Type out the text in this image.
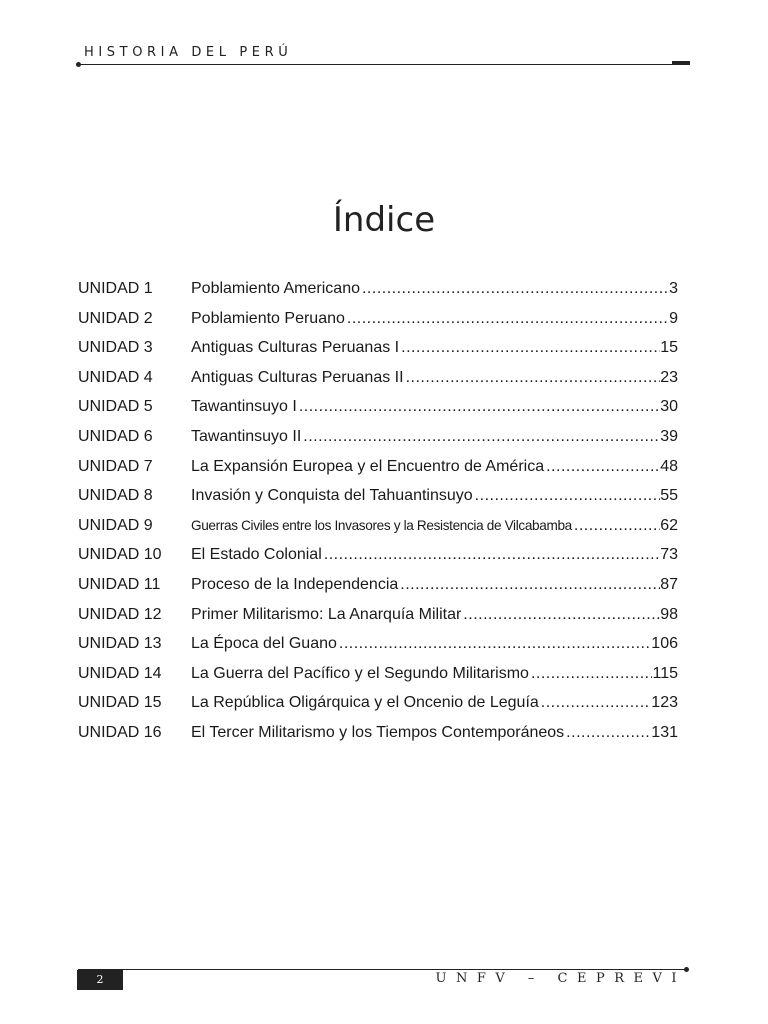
HISTORIA DEL PERÚ
Índice
UNIDAD 1	Poblamiento Americano .....	3
UNIDAD 2	Poblamiento Peruano .....	9
UNIDAD 3	Antiguas Culturas Peruanas I .....	15
UNIDAD 4	Antiguas Culturas Peruanas II .....	23
UNIDAD 5	Tawantinsuyo I .....	30
UNIDAD 6	Tawantinsuyo II .....	39
UNIDAD 7	La Expansión Europea y el Encuentro de América .....	48
UNIDAD 8	Invasión y Conquista del Tahuantinsuyo .....	55
UNIDAD 9	Guerras Civiles entre los Invasores y la Resistencia de Vilcabamba .....	62
UNIDAD 10	El Estado Colonial .....	73
UNIDAD 11	Proceso de la Independencia .....	87
UNIDAD 12	Primer Militarismo: La Anarquía Militar .....	98
UNIDAD 13	La Época del Guano .....	106
UNIDAD 14	La Guerra del Pacífico y el Segundo Militarismo .....	115
UNIDAD 15	La República Oligárquica y el Oncenio de Leguía .....	123
UNIDAD 16	El Tercer Militarismo y los Tiempos Contemporáneos .....	131
2	UNFV – CEPREVI
